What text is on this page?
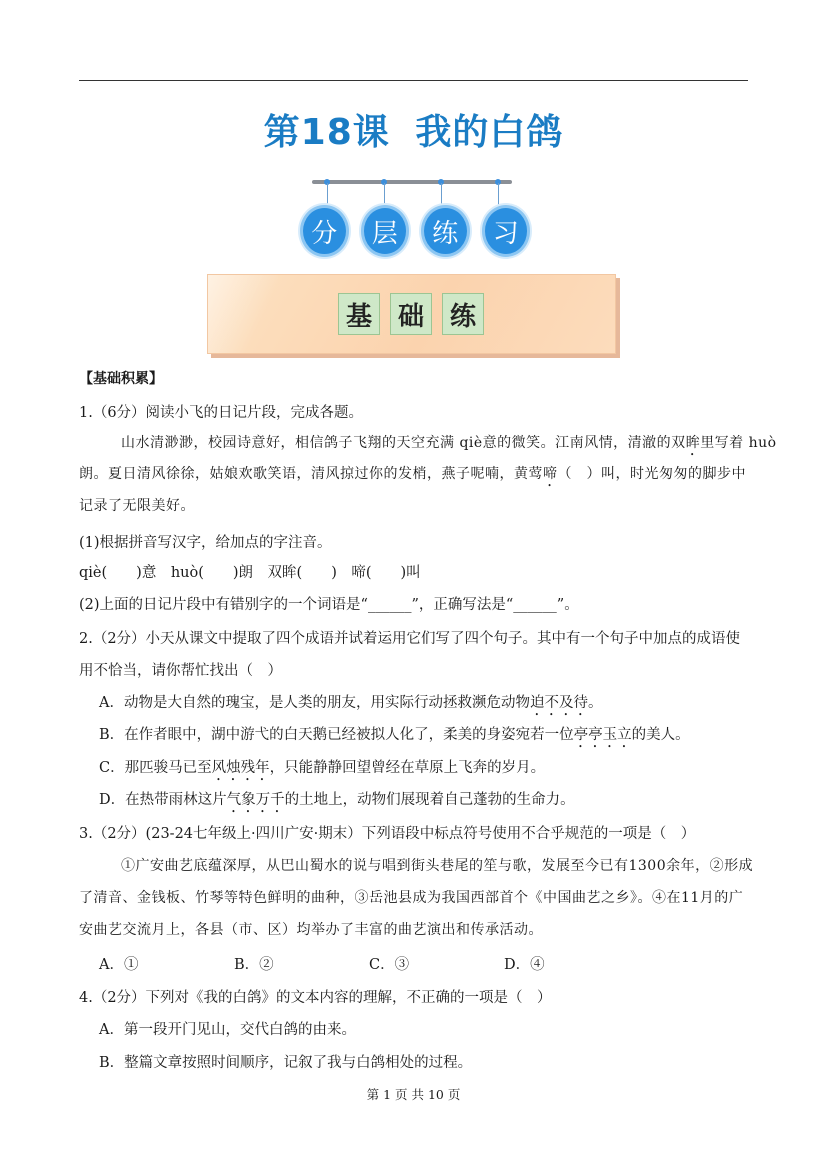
第18课 我的白鸽
分	层	练	习
基 础 练
【基础积累】
1.（6分）阅读小飞的日记片段，完成各题。
山水清渺渺，校园诗意好，相信鸽子飞翔的天空充满 qiè意的微笑。江南风情，清澈的双眸里写着 huò
朗。夏日清风徐徐，姑娘欢歌笑语，清风掠过你的发梢，燕子呢喃，黄莺啼（　）叫，时光匆匆的脚步中
记录了无限美好。
(1)根据拼音写汉字，给加点的字注音。
qiè(　　)意　huò(　　)朗　双眸(　　)　啼(　　)叫
(2)上面的日记片段中有错别字的一个词语是“______”，正确写法是“______”。
2.（2分）小天从课文中提取了四个成语并试着运用它们写了四个句子。其中有一个句子中加点的成语使
用不恰当，请你帮忙找出（　）
A．动物是大自然的瑰宝，是人类的朋友，用实际行动拯救濒危动物迫不及待。
B．在作者眼中，湖中游弋的白天鹅已经被拟人化了，柔美的身姿宛若一位亭亭玉立的美人。
C．那匹骏马已至风烛残年，只能静静回望曾经在草原上飞奔的岁月。
D．在热带雨林这片气象万千的土地上，动物们展现着自己蓬勃的生命力。
3.（2分）(23-24七年级上·四川广安·期末）下列语段中标点符号使用不合乎规范的一项是（　）
①广安曲艺底蕴深厚，从巴山蜀水的说与唱到街头巷尾的笙与歌，发展至今已有1300余年，②形成
了清音、金钱板、竹琴等特色鲜明的曲种，③岳池县成为我国西部首个《中国曲艺之乡》。④在11月的广
安曲艺交流月上，各县（市、区）均举办了丰富的曲艺演出和传承活动。
A．①	B．②	C．③	D．④
4.（2分）下列对《我的白鸽》的文本内容的理解，不正确的一项是（　）
A．第一段开门见山，交代白鸽的由来。
B．整篇文章按照时间顺序，记叙了我与白鸽相处的过程。
第 1 页 共 10 页
